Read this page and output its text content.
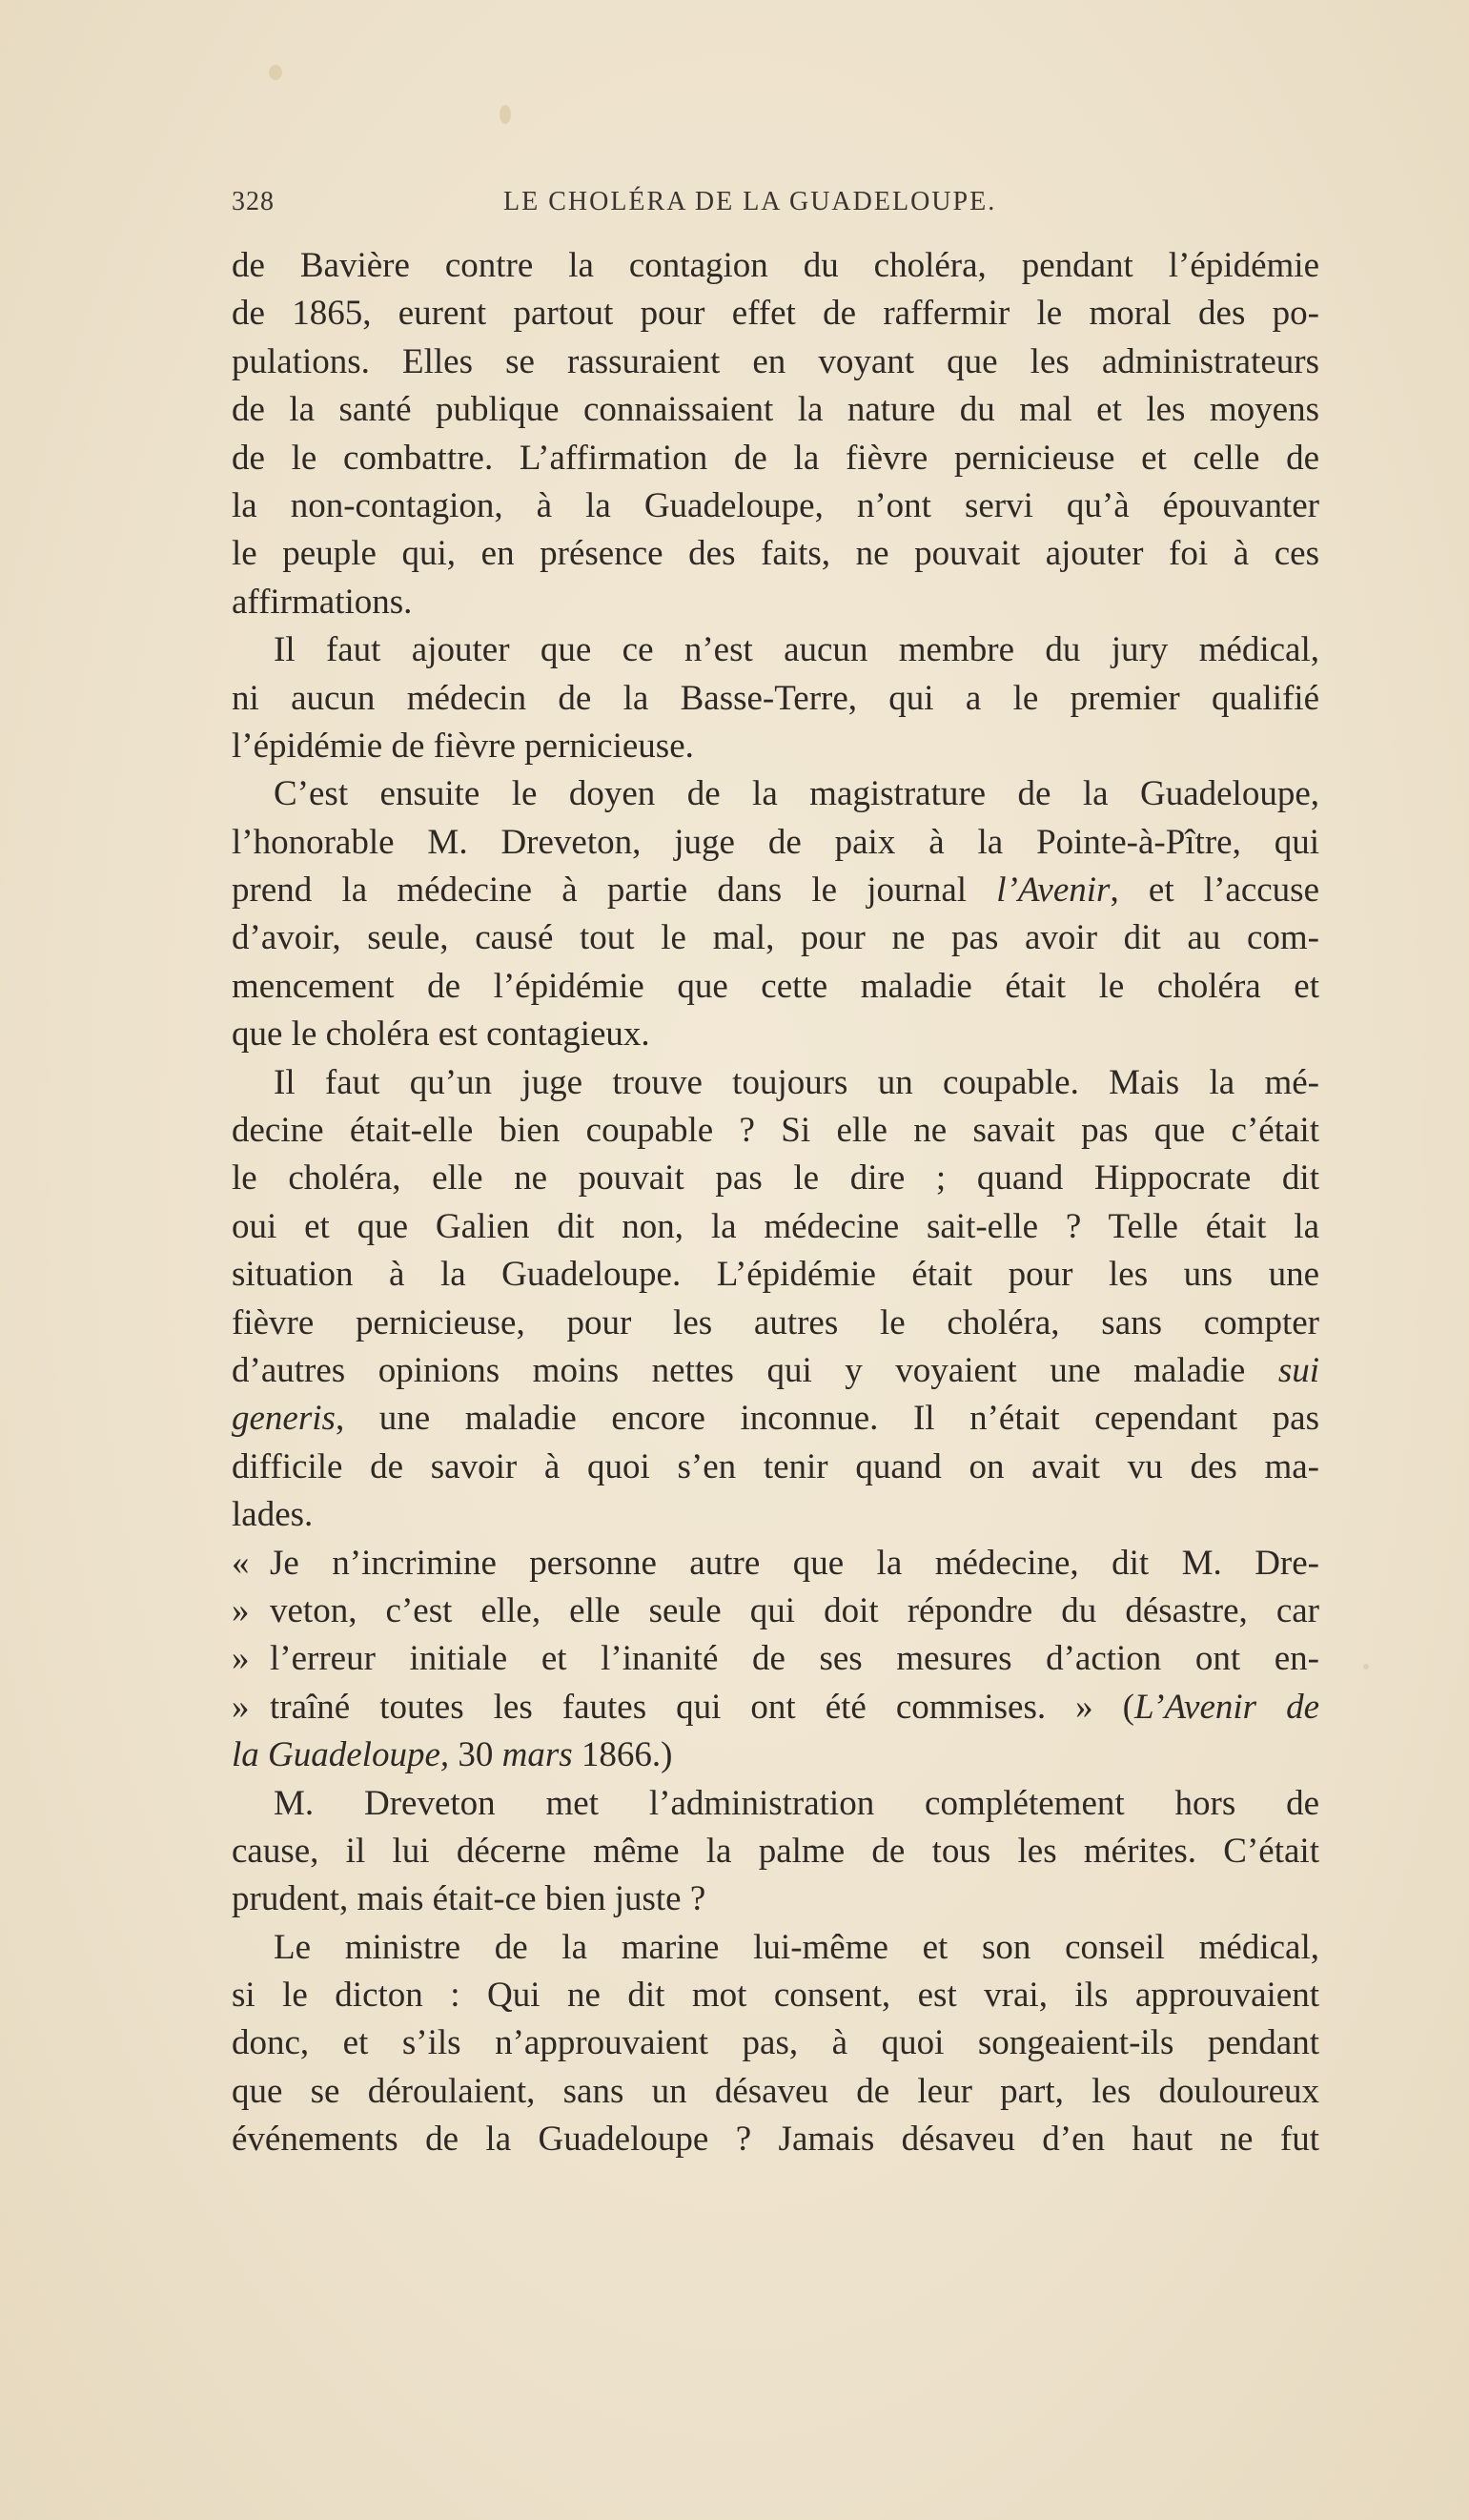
328	LE CHOLÉRA DE LA GUADELOUPE.
de Bavière contre la contagion du choléra, pendant l’épidémie
de 1865, eurent partout pour effet de raffermir le moral des po-
pulations. Elles se rassuraient en voyant que les administrateurs
de la santé publique connaissaient la nature du mal et les moyens
de le combattre. L’affirmation de la fièvre pernicieuse et celle de
la non-contagion, à la Guadeloupe, n’ont servi qu’à épouvanter
le peuple qui, en présence des faits, ne pouvait ajouter foi à ces
affirmations.
Il faut ajouter que ce n’est aucun membre du jury médical,
ni aucun médecin de la Basse-Terre, qui a le premier qualifié
l’épidémie de fièvre pernicieuse.
C’est ensuite le doyen de la magistrature de la Guadeloupe,
l’honorable M. Dreveton, juge de paix à la Pointe-à-Pître, qui
prend la médecine à partie dans le journal l’Avenir, et l’accuse
d’avoir, seule, causé tout le mal, pour ne pas avoir dit au com-
mencement de l’épidémie que cette maladie était le choléra et
que le choléra est contagieux.
Il faut qu’un juge trouve toujours un coupable. Mais la mé-
decine était-elle bien coupable ? Si elle ne savait pas que c’était
le choléra, elle ne pouvait pas le dire ; quand Hippocrate dit
oui et que Galien dit non, la médecine sait-elle ? Telle était la
situation à la Guadeloupe. L’épidémie était pour les uns une
fièvre pernicieuse, pour les autres le choléra, sans compter
d’autres opinions moins nettes qui y voyaient une maladie sui
generis, une maladie encore inconnue. Il n’était cependant pas
difficile de savoir à quoi s’en tenir quand on avait vu des ma-
lades.
« Je n’incrimine personne autre que la médecine, dit M. Dre-
» veton, c’est elle, elle seule qui doit répondre du désastre, car
» l’erreur initiale et l’inanité de ses mesures d’action ont en-
» traîné toutes les fautes qui ont été commises. » (L’Avenir de
la Guadeloupe, 30 mars 1866.)
M. Dreveton met l’administration complétement hors de
cause, il lui décerne même la palme de tous les mérites. C’était
prudent, mais était-ce bien juste ?
Le ministre de la marine lui-même et son conseil médical,
si le dicton : Qui ne dit mot consent, est vrai, ils approuvaient
donc, et s’ils n’approuvaient pas, à quoi songeaient-ils pendant
que se déroulaient, sans un désaveu de leur part, les douloureux
événements de la Guadeloupe ? Jamais désaveu d’en haut ne fut
